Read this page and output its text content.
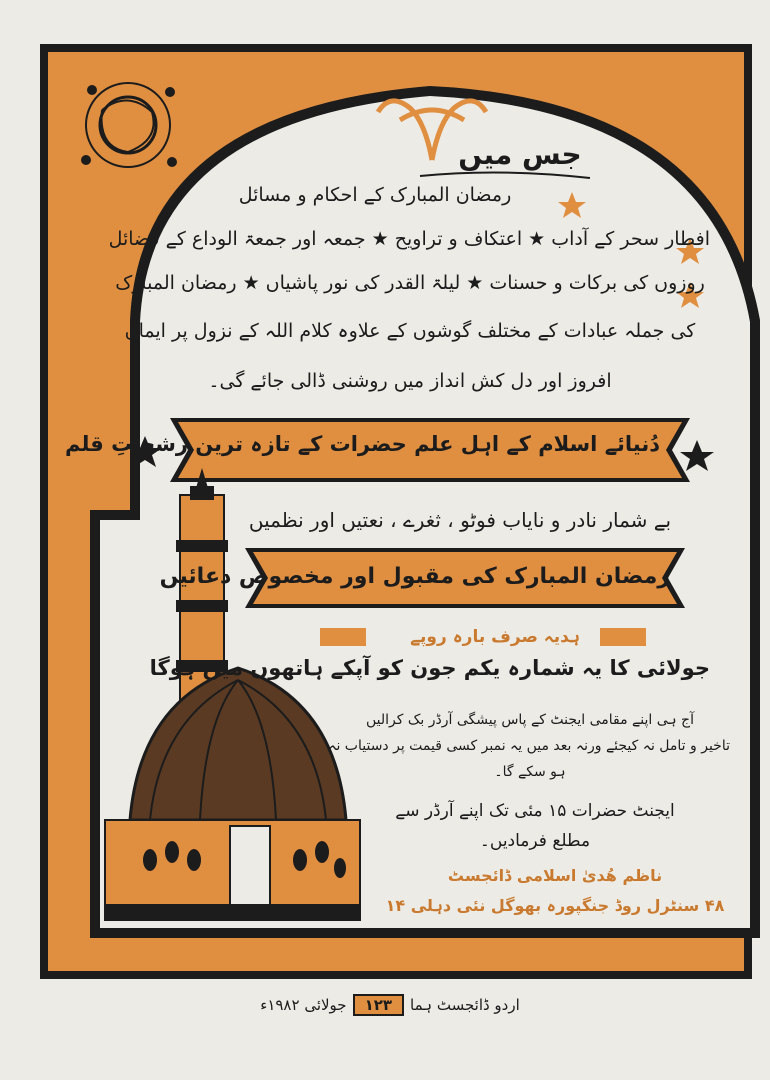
جس میں
رمضان المبارک کے احکام و مسائل
افطار سحر کے آداب ★ اعتکاف و تراویح ★ جمعہ اور جمعۃ الوداع کے فضائل
روزوں کی برکات و حسنات ★ لیلۃ القدر کی نور پاشیاں ★ رمضان المبارک
کی جملہ عبادات کے مختلف گوشوں کے علاوہ کلام اللہ کے نزول پر ایمان
افروز اور دل کش انداز میں روشنی ڈالی جائے گی۔
دُنیائے اسلام کے اہل علم حضرات کے تازہ ترین رشحاتِ قلم
بے شمار نادر و نایاب فوٹو ، ثغرے ، نعتیں اور نظمیں
رمضان المبارک کی مقبول اور مخصوص دعائیں
ہدیہ صرف بارہ روپے
جولائی کا یہ شمارہ یکم جون کو آپکے ہاتھوں میں ہوگا
آج ہی اپنے مقامی ایجنٹ کے پاس پیشگی آرڈر بک کرالیں
تاخیر و تامل نہ کیجئے ورنہ بعد میں یہ نمبر کسی قیمت پر دستیاب نہ
ہو سکے گا۔
ایجنٹ حضرات ۱۵ مئی تک اپنے آرڈر سے
مطلع فرمادیں۔
ناظم ھُدیٰ اسلامی ڈائجسٹ
۴۸ سنٹرل روڈ جنگپورہ بھوگل نئی دہلی ۱۴
اردو ڈائجسٹ ہما
۱۲۳
جولائی ۱۹۸۲ء
